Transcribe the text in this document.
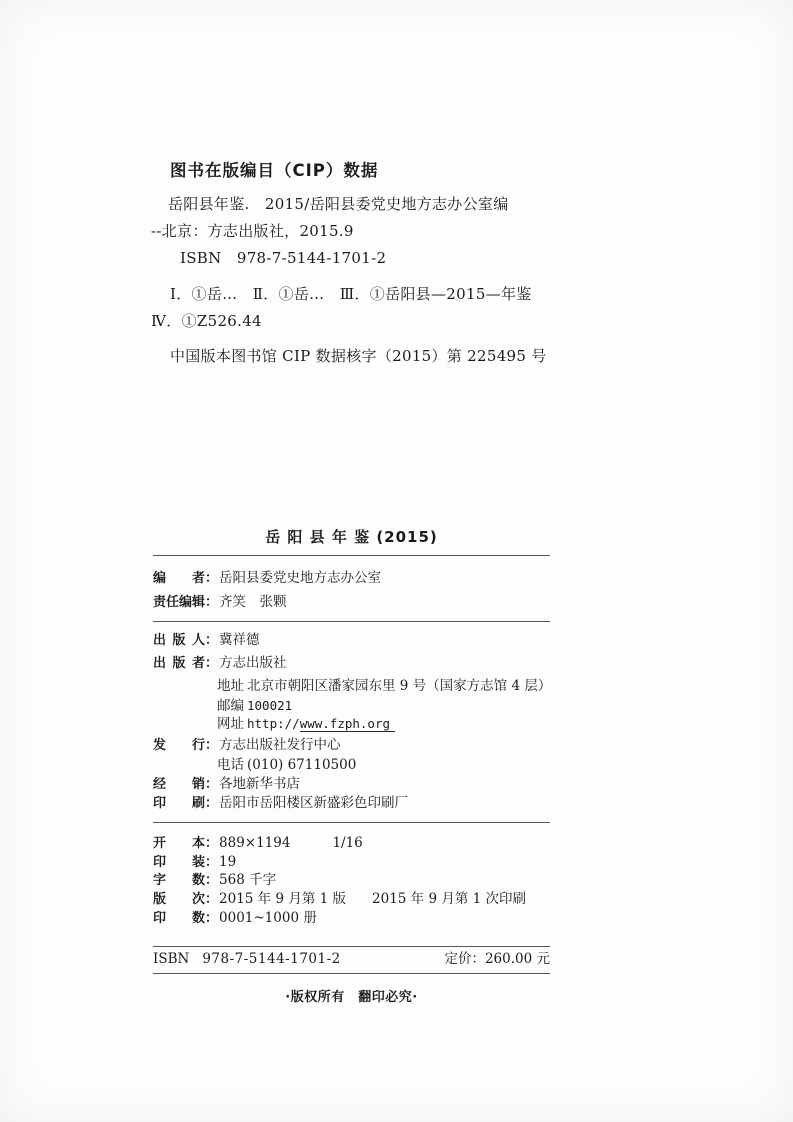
图书在版编目（CIP）数据
岳阳县年鉴.　2015/岳阳县委党史地方志办公室编
--北京：方志出版社，2015.9
ISBN　978-7-5144-1701-2
Ⅰ．①岳…　Ⅱ．①岳…　Ⅲ．①岳阳县—2015—年鉴
Ⅳ．①Z526.44
中国版本图书馆 CIP 数据核字（2015）第 225495 号
岳 阳 县 年 鉴 (2015)
编者：岳阳县委党史地方志办公室
责任编辑：齐笑　张颗
出版人：冀祥德
出版者：方志出版社
地址 北京市朝阳区潘家园东里 9 号（国家方志馆 4 层）
邮编 100021
网址 http://www.fzph.org
发行：方志出版社发行中心
电话 (010) 67110500
经销：各地新华书店
印刷：岳阳市岳阳楼区新盛彩色印刷厂
开本：889×1194	1/16
印装：19
字数：568 千字
版次：2015 年 9 月第 1 版 2015 年 9 月第 1 次印刷
印数：0001~1000 册
ISBN 978-7-5144-1701-2	定价：260.00 元
·版权所有　翻印必究·
